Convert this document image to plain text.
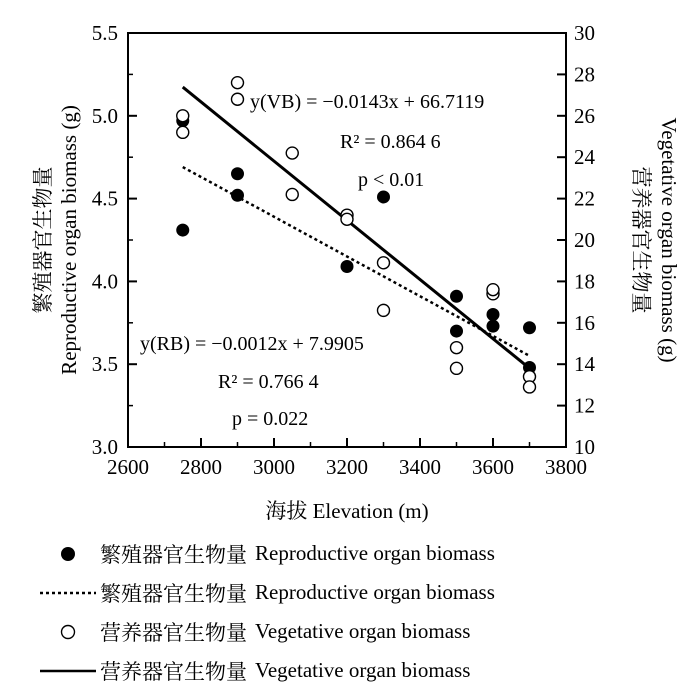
2600 2800 3000 3200 3400 3600 3800
3.0
3.5
4.0
4.5
5.0
5.5
10
12
14
16
18
20
22
24
26
28
30
海拔 Elevation (m)
繁殖器官生物量 Reproductive organ biomass (g)	营养器官生物量 Vegetative organ biomass (g)
y(VB) = −0.0143x + 66.7119
R² = 0.864 6
p < 0.01
y(RB) = −0.0012x + 7.9905
R² = 0.766 4
p = 0.022
繁殖器官生物量 Reproductive organ biomass
繁殖器官生物量 Reproductive organ biomass
营养器官生物量 Vegetative organ biomass
营养器官生物量 Vegetative organ biomass
